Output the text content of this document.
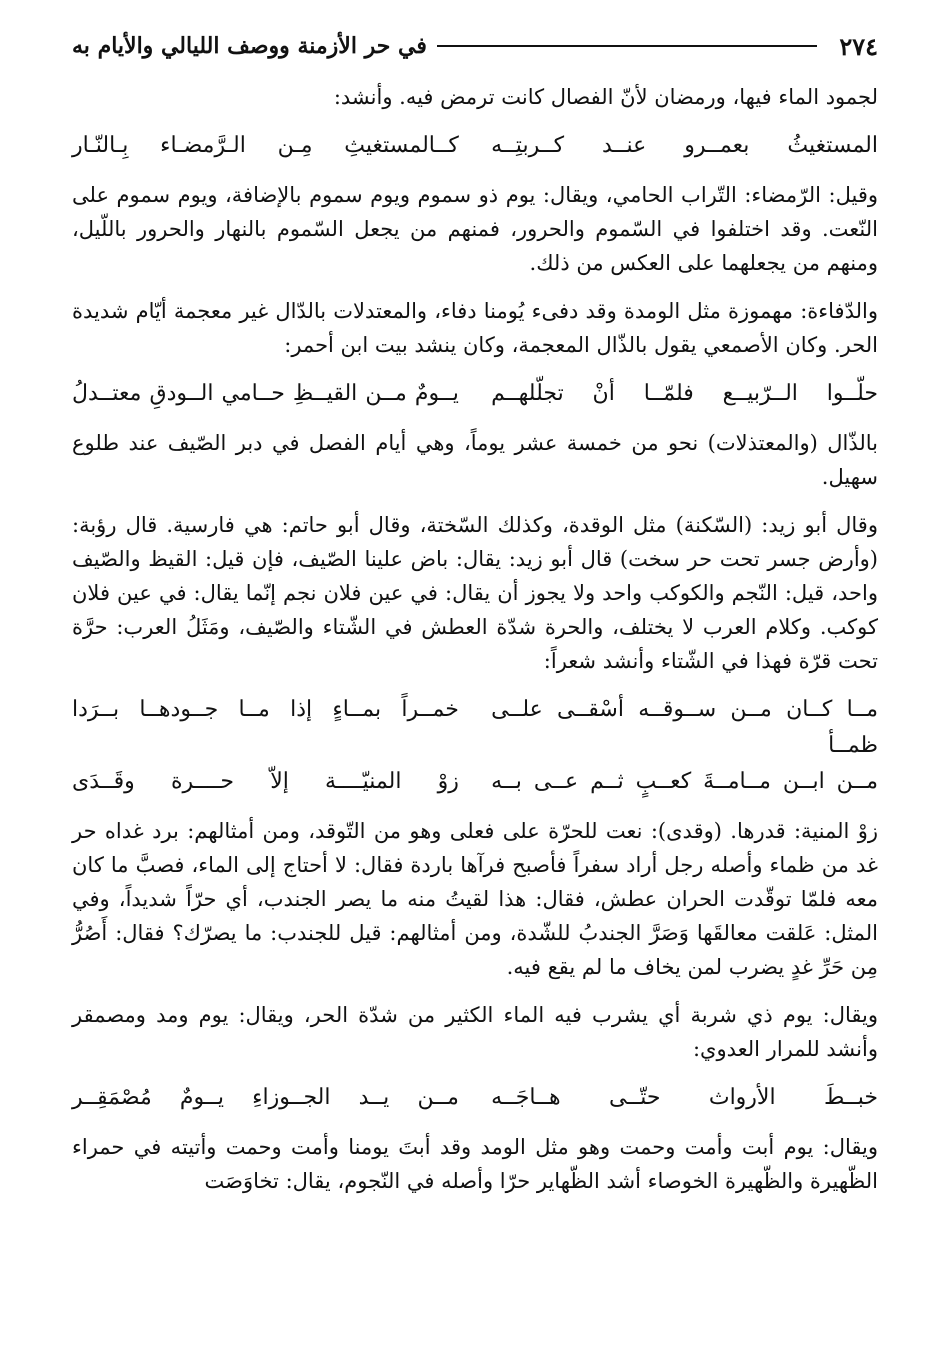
٢٧٤
في حر الأزمنة ووصف الليالي والأيام به

لجمود الماء فيها، ورمضان لأنّ الفصال كانت ترمض فيه. وأنشد:

المستغيثُ بعمــرو عنــد كــربتِــه
كــالمستغيثِ مِـن الـرَّمضـاء بِـالنّـار

وقيل: الرّمضاء: التّراب الحامي، ويقال: يوم ذو سموم ويوم سموم بالإضافة، ويوم سموم على النّعت. وقد اختلفوا في السّموم والحرور، فمنهم من يجعل السّموم بالنهار والحرور باللّيل، ومنهم من يجعلهما على العكس من ذلك.

والدّفاءة: مهموزة مثل الومدة وقد دفىء يُومنا دفاء، والمعتدلات بالدّال غير معجمة أيّام شديدة الحر. وكان الأصمعي يقول بالذّال المعجمة، وكان ينشد بيت ابن أحمر:

حلّــوا الــرّبيــع فلمّــا أنْ تجلّلهــم
يــومٌ مــن القيــظِ حــامي الــودقِ معتــدلُ

بالذّال (والمعتذلات) نحو من خمسة عشر يوماً، وهي أيام الفصل في دبر الصّيف عند طلوع سهيل.

وقال أبو زيد: (السّكنة) مثل الوقدة، وكذلك السّختة، وقال أبو حاتم: هي فارسية. قال رؤبة: (وأرض جسر تحت حر سخت) قال أبو زيد: يقال: باض علينا الصّيف، فإن قيل: القيظ والصّيف واحد، قيل: النّجم والكوكب واحد ولا يجوز أن يقال: في عين فلان نجم إنّما يقال: في عين فلان كوكب. وكلام العرب لا يختلف، والحرة شدّة العطش في الشّتاء والصّيف، ومَثَلُ العرب: حرَّة تحت قرّة فهذا في الشّتاء وأنشد شعراً:

مــا كــان مــن ســوقــه أسْقــى علــى ظمــأ
خمــراً بمــاءٍ إذا مــا جــودهــا بــرَدا
مــن ابــن مــامــةَ كعــبٍ ثــم عــى بــه
زوْ المنيّــــة إلاّ حــــرة وقَــدَى

زوْ المنية: قدرها. (وقدى): نعت للحرّة على فعلى وهو من التّوقد، ومن أمثالهم: برد غداه حر غد من ظماء وأصله رجل أراد سفراً فأصبح فرآها باردة فقال: لا أحتاج إلى الماء، فصبَّ ما كان معه فلمّا توقّدت الحران عطش، فقال: هذا لقيتُ منه ما يصر الجندب، أي حرّاً شديداً، وفي المثل: عَلقت معالقَها وَصَرَّ الجندبُ للشّدة، ومن أمثالهم: قيل للجندب: ما يصرّك؟ فقال: أَصُرُّ مِن حَرِّ غدٍ يضرب لمن يخاف ما لم يقع فيه.

ويقال: يوم ذي شربة أي يشرب فيه الماء الكثير من شدّة الحر، ويقال: يوم ومد ومصمقر وأنشد للمرار العدوي:

خبــطَ الأرواث حتّــى هــاجَــه
مــن يــد الجــوزاءِ يــومٌ مُصْمَقِــر

ويقال: يوم أبت وأمت وحمت وهو مثل الومد وقد أبتَ يومنا وأمت وحمت وأتيته في حمراء الظّهيرة والظّهيرة الخوصاء أشد الظّهاير حرّا وأصله في النّجوم، يقال: تخاوَصَت
